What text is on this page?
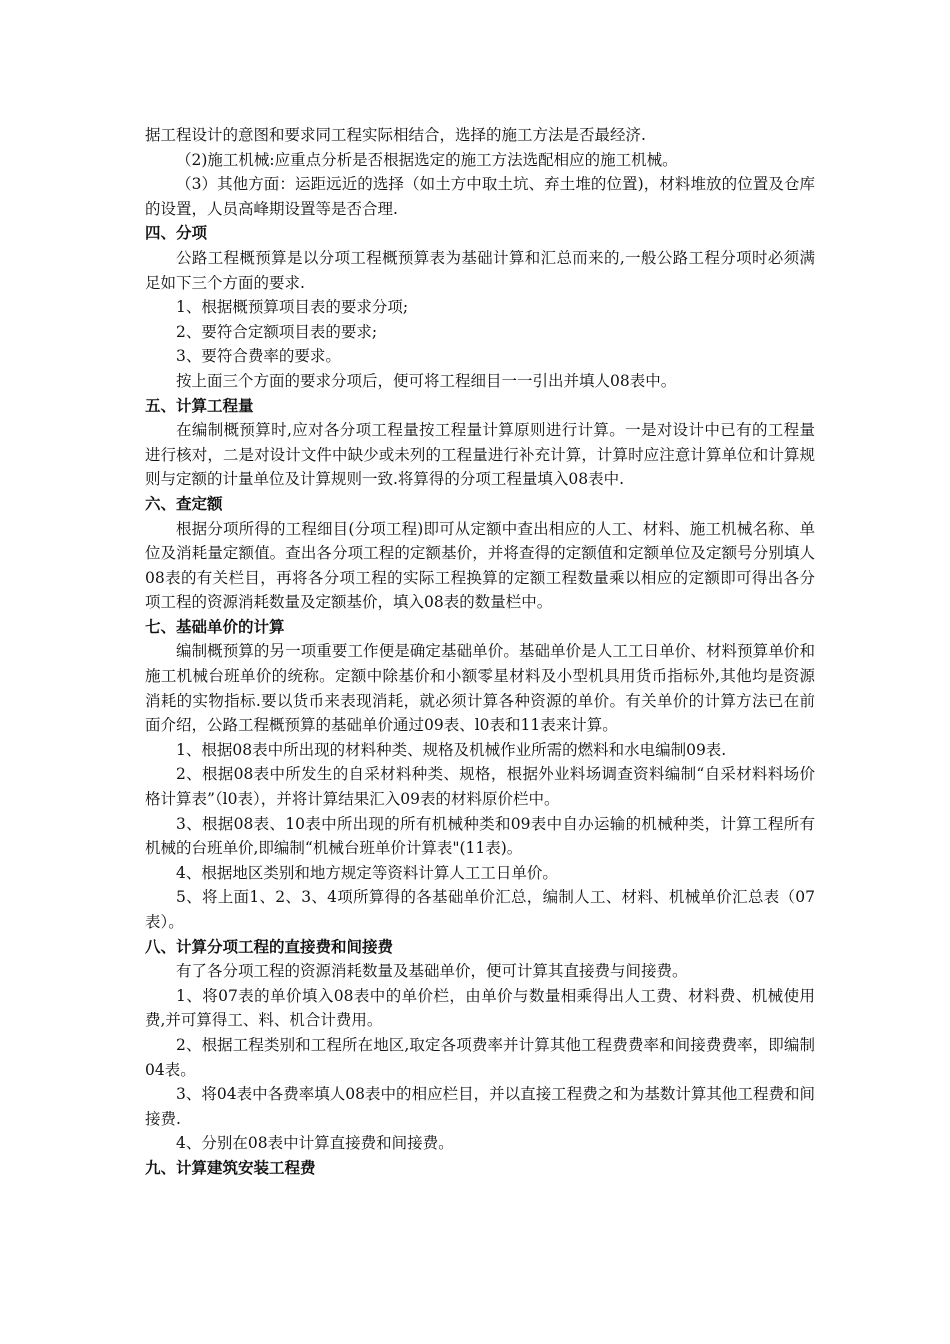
据工程设计的意图和要求同工程实际相结合，选择的施工方法是否最经济.

（2)施工机械:应重点分析是否根据选定的施工方法选配相应的施工机械。

（3）其他方面：运距远近的选择（如土方中取土坑、弃土堆的位置)，材料堆放的位置及仓库的设置，人员高峰期设置等是否合理.

四、分项

公路工程概预算是以分项工程概预算表为基础计算和汇总而来的,一般公路工程分项时必须满足如下三个方面的要求.

1、根据概预算项目表的要求分项;

2、要符合定额项目表的要求;

3、要符合费率的要求。

按上面三个方面的要求分项后，便可将工程细目一一引出并填人08表中。

五、计算工程量

在编制概预算时,应对各分项工程量按工程量计算原则进行计算。一是对设计中已有的工程量进行核对，二是对设计文件中缺少或未列的工程量进行补充计算，计算时应注意计算单位和计算规则与定额的计量单位及计算规则一致.将算得的分项工程量填入08表中.

六、查定额

根据分项所得的工程细目(分项工程)即可从定额中查出相应的人工、材料、施工机械名称、单位及消耗量定额值。查出各分项工程的定额基价，并将查得的定额值和定额单位及定额号分别填人08表的有关栏目，再将各分项工程的实际工程换算的定额工程数量乘以相应的定额即可得出各分项工程的资源消耗数量及定额基价，填入08表的数量栏中。

七、基础单价的计算

编制概预算的另一项重要工作便是确定基础单价。基础单价是人工工日单价、材料预算单价和施工机械台班单价的统称。定额中除基价和小额零星材料及小型机具用货币指标外,其他均是资源消耗的实物指标.要以货币来表现消耗，就必须计算各种资源的单价。有关单价的计算方法已在前面介绍，公路工程概预算的基础单价通过09表、l0表和11表来计算。

1、根据08表中所出现的材料种类、规格及机械作业所需的燃料和水电编制09表.

2、根据08表中所发生的自采材料种类、规格，根据外业料场调查资料编制“自采材料料场价格计算表”（l0表），并将计算结果汇入09表的材料原价栏中。

3、根据08表、10表中所出现的所有机械种类和09表中自办运输的机械种类，计算工程所有机械的台班单价,即编制“机械台班单价计算表"(11表)。

4、根据地区类别和地方规定等资料计算人工工日单价。

5、将上面1、2、3、4项所算得的各基础单价汇总，编制人工、材料、机械单价汇总表（07表）。

八、计算分项工程的直接费和间接费

有了各分项工程的资源消耗数量及基础单价，便可计算其直接费与间接费。

1、将07表的单价填入08表中的单价栏，由单价与数量相乘得出人工费、材料费、机械使用费,并可算得工、料、机合计费用。

2、根据工程类别和工程所在地区,取定各项费率并计算其他工程费费率和间接费费率，即编制04表。

3、将04表中各费率填人08表中的相应栏目，并以直接工程费之和为基数计算其他工程费和间接费.

4、分别在08表中计算直接费和间接费。

九、计算建筑安装工程费
